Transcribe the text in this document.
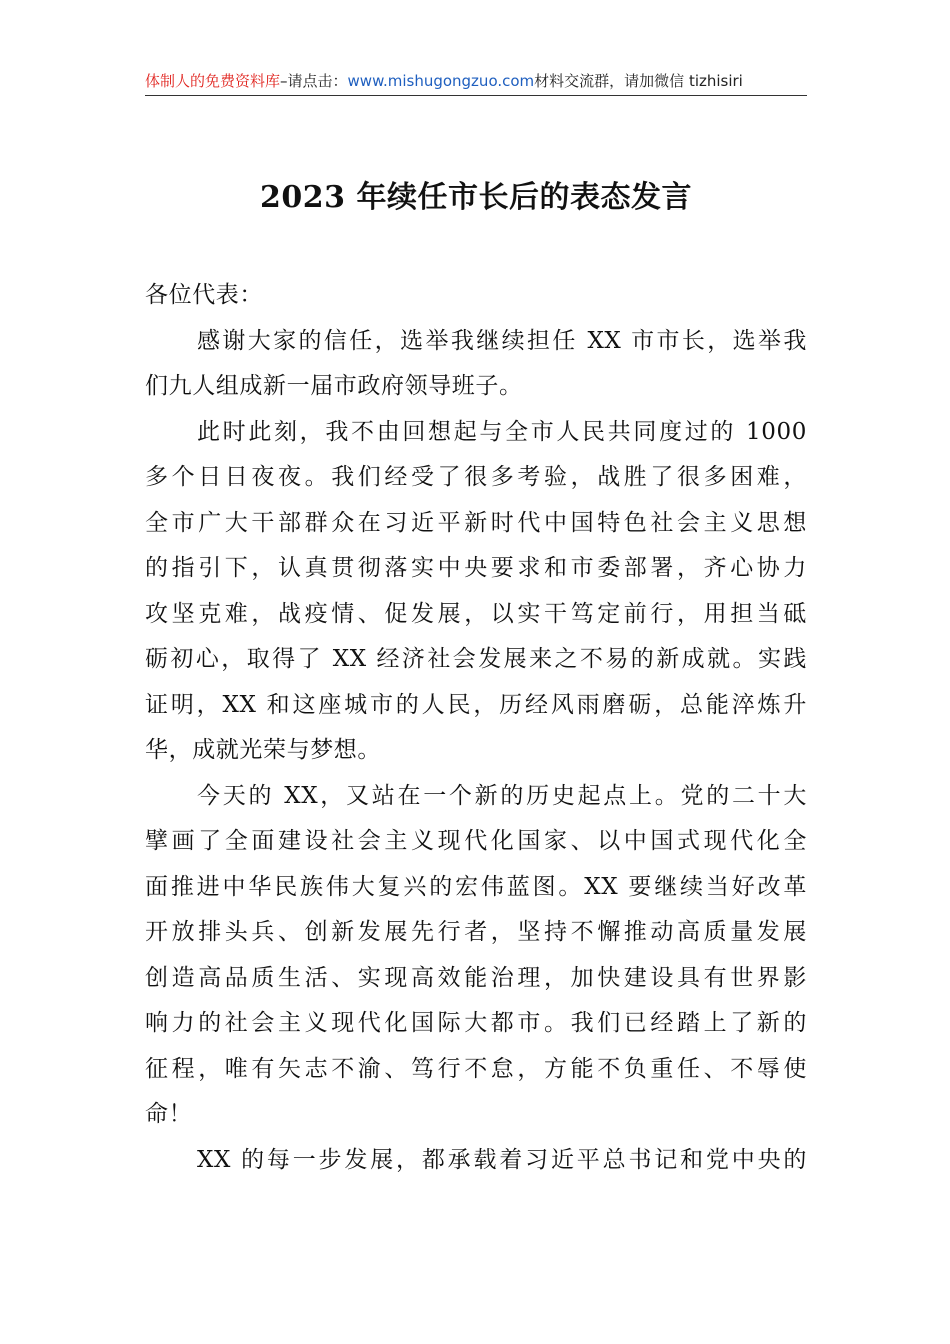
体制人的免费资料库–请点击：www.mishugongzuo.com材料交流群，请加微信 tizhisiri
2023 年续任市长后的表态发言
各位代表：
感谢大家的信任，选举我继续担任 XX 市市长，选举我
们九人组成新一届市政府领导班子。
此时此刻，我不由回想起与全市人民共同度过的 1000
多个日日夜夜。我们经受了很多考验，战胜了很多困难，
全市广大干部群众在习近平新时代中国特色社会主义思想
的指引下，认真贯彻落实中央要求和市委部署，齐心协力
攻坚克难，战疫情、促发展，以实干笃定前行，用担当砥
砺初心，取得了 XX 经济社会发展来之不易的新成就。实践
证明，XX 和这座城市的人民，历经风雨磨砺，总能淬炼升
华，成就光荣与梦想。
今天的 XX，又站在一个新的历史起点上。党的二十大
擘画了全面建设社会主义现代化国家、以中国式现代化全
面推进中华民族伟大复兴的宏伟蓝图。XX 要继续当好改革
开放排头兵、创新发展先行者，坚持不懈推动高质量发展
创造高品质生活、实现高效能治理，加快建设具有世界影
响力的社会主义现代化国际大都市。我们已经踏上了新的
征程，唯有矢志不渝、笃行不怠，方能不负重任、不辱使
命！
XX 的每一步发展，都承载着习近平总书记和党中央的
